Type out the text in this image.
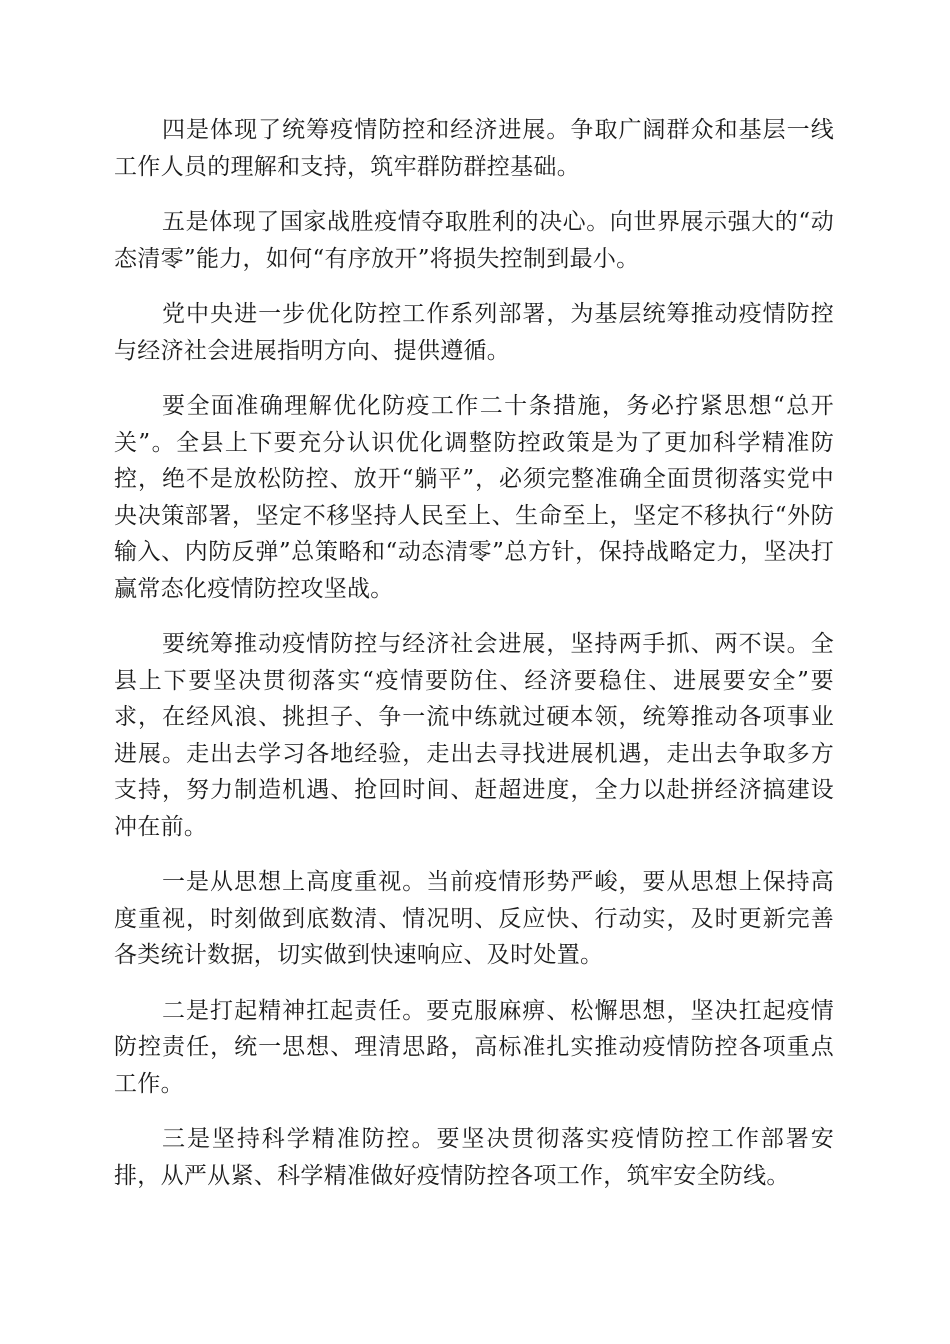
四是体现了统筹疫情防控和经济进展。争取广阔群众和基层一线工作人员的理解和支持，筑牢群防群控基础。

五是体现了国家战胜疫情夺取胜利的决心。向世界展示强大的“动态清零”能力，如何“有序放开”将损失控制到最小。

党中央进一步优化防控工作系列部署，为基层统筹推动疫情防控与经济社会进展指明方向、提供遵循。

要全面准确理解优化防疫工作二十条措施，务必拧紧思想“总开关”。全县上下要充分认识优化调整防控政策是为了更加科学精准防控，绝不是放松防控、放开“躺平”，必须完整准确全面贯彻落实党中央决策部署，坚定不移坚持人民至上、生命至上，坚定不移执行“外防输入、内防反弹”总策略和“动态清零”总方针，保持战略定力，坚决打赢常态化疫情防控攻坚战。

要统筹推动疫情防控与经济社会进展，坚持两手抓、两不误。全县上下要坚决贯彻落实“疫情要防住、经济要稳住、进展要安全”要求，在经风浪、挑担子、争一流中练就过硬本领，统筹推动各项事业进展。走出去学习各地经验，走出去寻找进展机遇，走出去争取多方支持，努力制造机遇、抢回时间、赶超进度，全力以赴拼经济搞建设冲在前。

一是从思想上高度重视。当前疫情形势严峻，要从思想上保持高度重视，时刻做到底数清、情况明、反应快、行动实，及时更新完善各类统计数据，切实做到快速响应、及时处置。

二是打起精神扛起责任。要克服麻痹、松懈思想，坚决扛起疫情防控责任，统一思想、理清思路，高标准扎实推动疫情防控各项重点工作。

三是坚持科学精准防控。要坚决贯彻落实疫情防控工作部署安排，从严从紧、科学精准做好疫情防控各项工作，筑牢安全防线。
